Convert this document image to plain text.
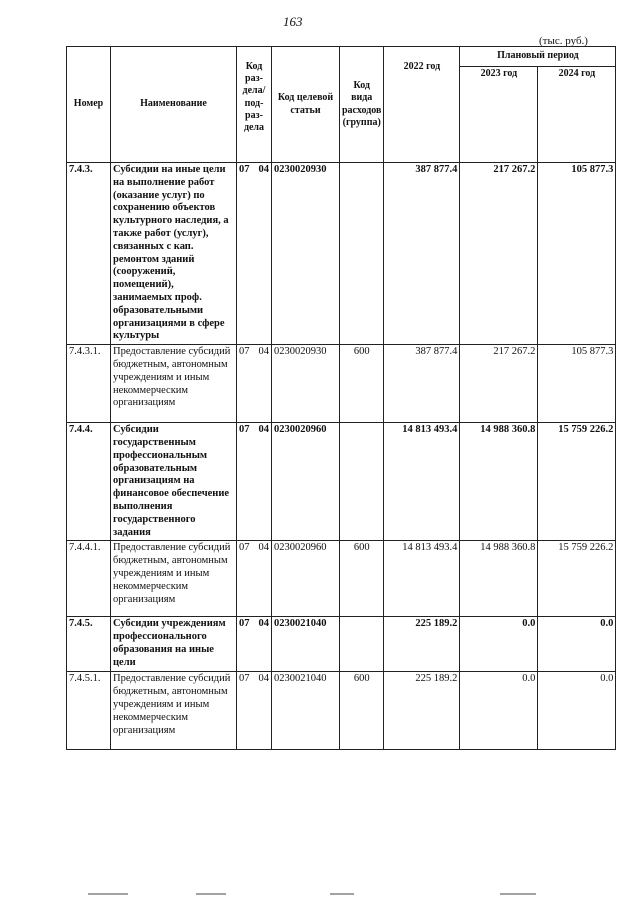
163
(тыс. руб.)
Номер	Наименование	Код раз-дела/ под-раз-дела	Код целевой статьи	Код вида расходов (группа)	2022 год	Плановый период	
						2023 год	2024 год
7.4.3.	Субсидии на иные цели на выполнение работ (оказание услуг) по сохранению объектов культурного наследия, а также работ (услуг), связанных с кап. ремонтом зданий (сооружений, помещений), занимаемых проф. образовательными организациями в сфере культуры	07 04	0230020930		387 877.4	217 267.2	105 877.3
7.4.3.1.	Предоставление субсидий бюджетным, автономным учреждениям и иным некоммерческим организациям	07 04	0230020930	600	387 877.4	217 267.2	105 877.3
7.4.4.	Субсидии государственным профессиональным образовательным организациям на финансовое обеспечение выполнения государственного задания	07 04	0230020960		14 813 493.4	14 988 360.8	15 759 226.2
7.4.4.1.	Предоставление субсидий бюджетным, автономным учреждениям и иным некоммерческим организациям	07 04	0230020960	600	14 813 493.4	14 988 360.8	15 759 226.2
7.4.5.	Субсидии учреждениям профессионального образования на иные цели	07 04	0230021040		225 189.2	0.0	0.0
7.4.5.1.	Предоставление субсидий бюджетным, автономным учреждениям и иным некоммерческим организациям	07 04	0230021040	600	225 189.2	0.0	0.0
